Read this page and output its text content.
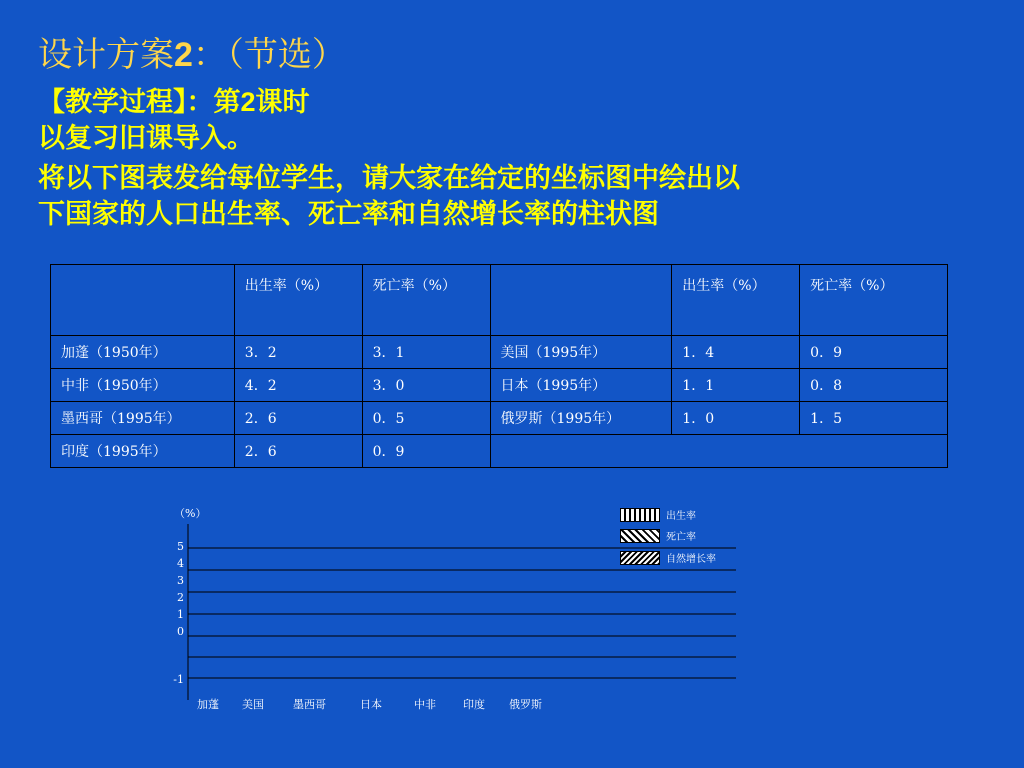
设计方案2：（节选）
【教学过程】：第2课时
以复习旧课导入。
将以下图表发给每位学生，请大家在给定的坐标图中绘出以
下国家的人口出生率、死亡率和自然增长率的柱状图
	出生率（%）	死亡率（%）		出生率（%）	死亡率（%）
加蓬（1950年）	3．2	3．1	美国（1995年）	1．4	0．9
中非（1950年）	4．2	3．0	日本（1995年）	1．1	0．8
墨西哥（1995年）	2．6	0．5	俄罗斯（1995年）	1．0	1．5
印度（1995年）	2．6	0．9			
（%）
5
4
3
2
1
0
-1
加蓬 美国	墨西哥	日本	中非 印度 俄罗斯
出生率
死亡率
自然增长率
